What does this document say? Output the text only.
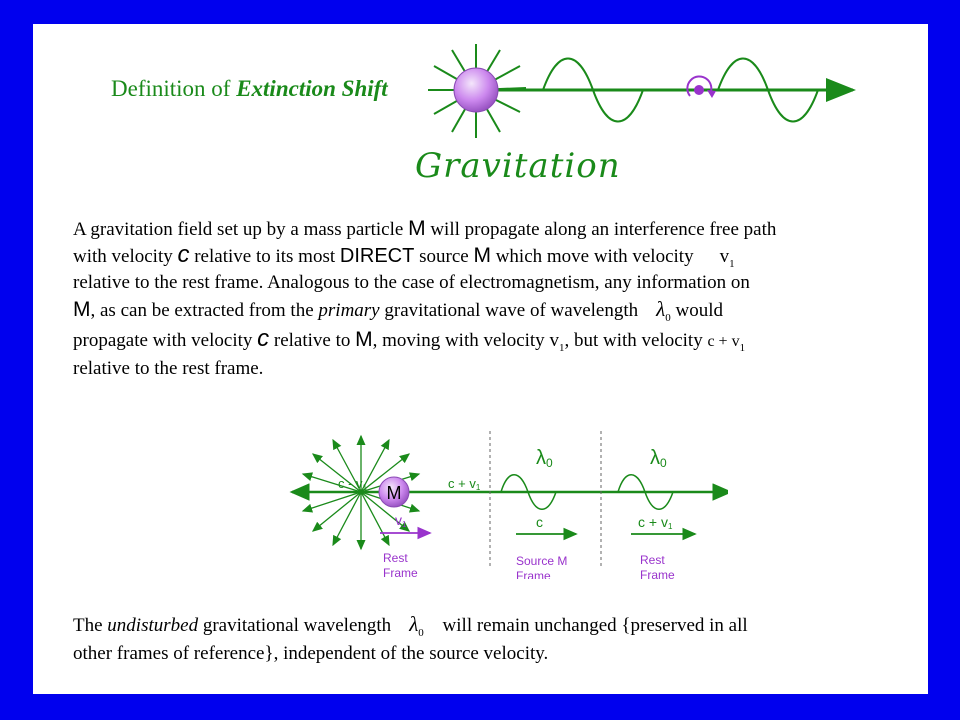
Definition of Extinction Shift
Gravitation
A gravitation field set up by a mass particle M will propagate along an interference free path
with velocity c relative to its most DIRECT source M which move with velocity $v_1$
relative to the rest frame. Analogous to the case of electromagnetism, any information on
M, as can be extracted from the primary gravitational wave of wavelength $\lambda_0$ would
propagate with velocity c relative to M, moving with velocity $v_1$, but with velocity $c + v_1$
relative to the rest frame.
M
c - v1	c + v1
v1
Rest
Frame
λ0
c
Source M
Frame
λ0
c + v1
Rest
Frame
The undisturbed gravitational wavelength $\lambda_0$ will remain unchanged {preserved in all
other frames of reference}, independent of the source velocity.
